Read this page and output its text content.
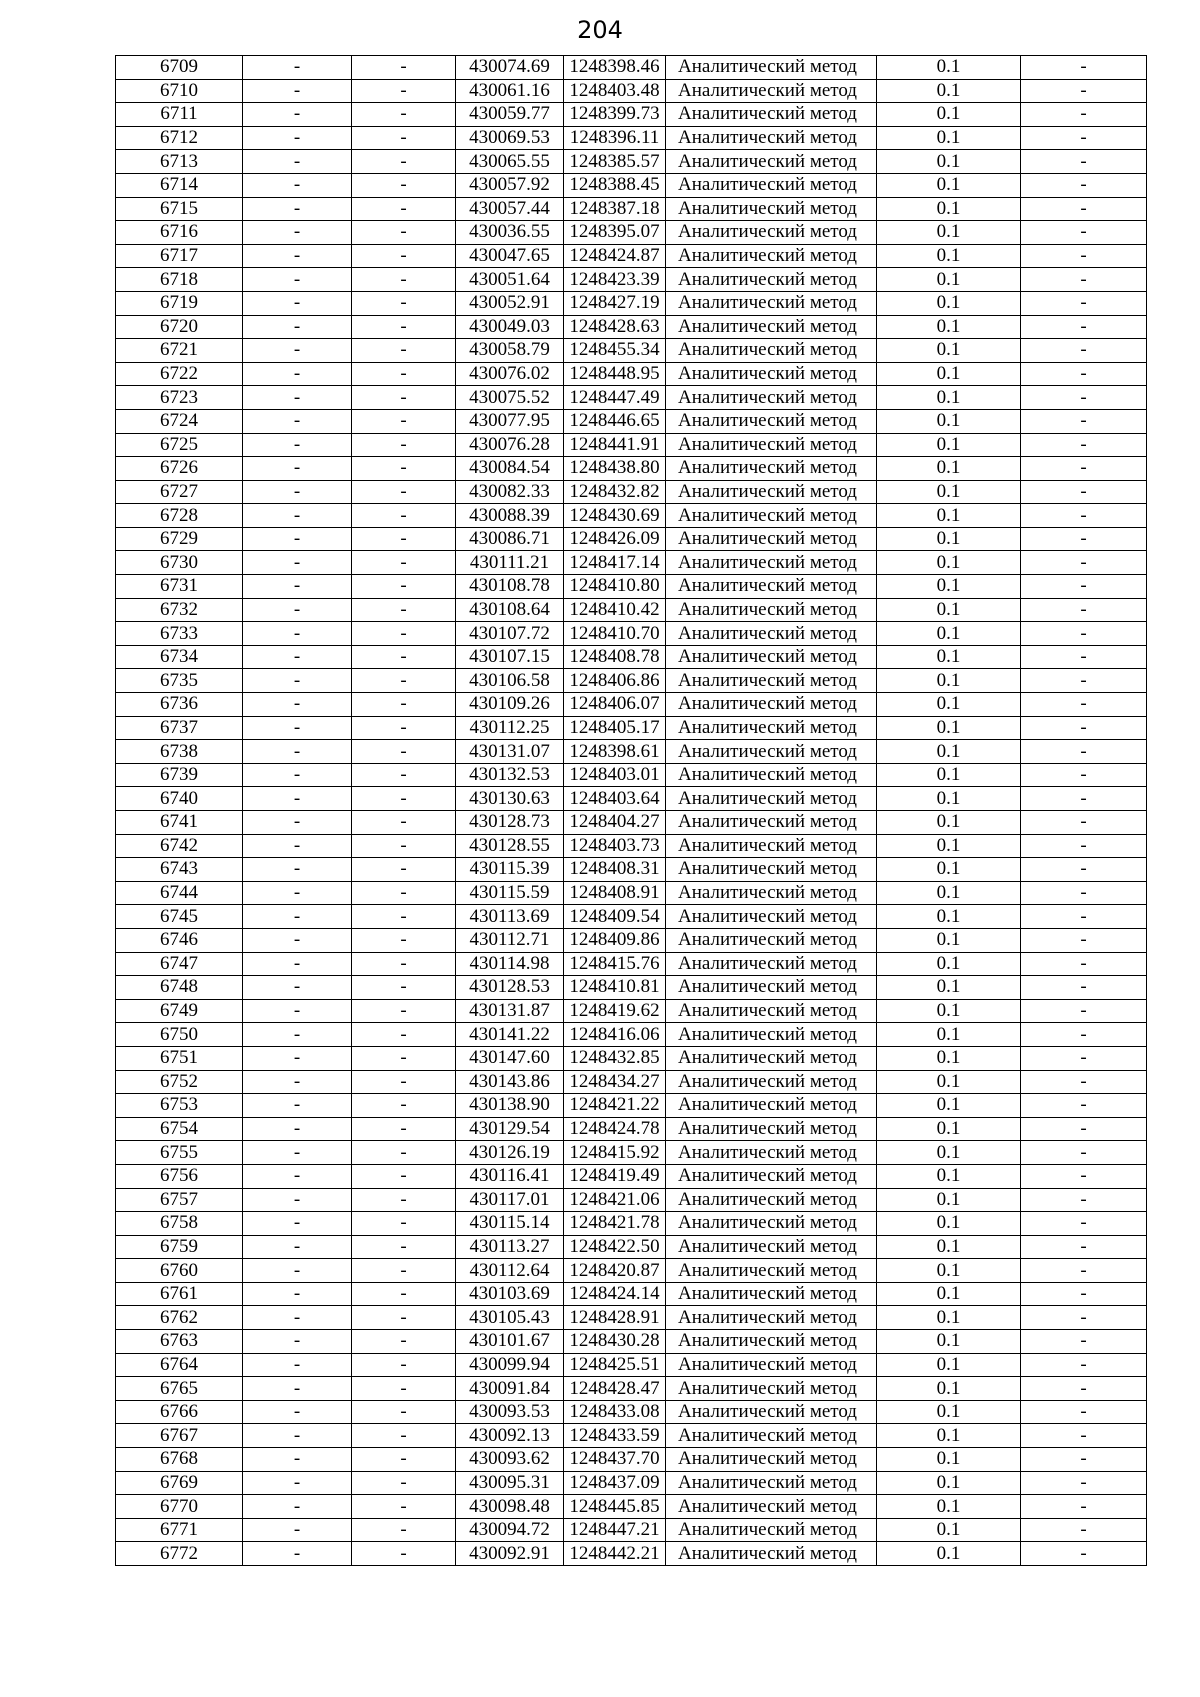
204
6709	-	-	430074.69	1248398.46	Аналитический метод	0.1	-
6710	-	-	430061.16	1248403.48	Аналитический метод	0.1	-
6711	-	-	430059.77	1248399.73	Аналитический метод	0.1	-
6712	-	-	430069.53	1248396.11	Аналитический метод	0.1	-
6713	-	-	430065.55	1248385.57	Аналитический метод	0.1	-
6714	-	-	430057.92	1248388.45	Аналитический метод	0.1	-
6715	-	-	430057.44	1248387.18	Аналитический метод	0.1	-
6716	-	-	430036.55	1248395.07	Аналитический метод	0.1	-
6717	-	-	430047.65	1248424.87	Аналитический метод	0.1	-
6718	-	-	430051.64	1248423.39	Аналитический метод	0.1	-
6719	-	-	430052.91	1248427.19	Аналитический метод	0.1	-
6720	-	-	430049.03	1248428.63	Аналитический метод	0.1	-
6721	-	-	430058.79	1248455.34	Аналитический метод	0.1	-
6722	-	-	430076.02	1248448.95	Аналитический метод	0.1	-
6723	-	-	430075.52	1248447.49	Аналитический метод	0.1	-
6724	-	-	430077.95	1248446.65	Аналитический метод	0.1	-
6725	-	-	430076.28	1248441.91	Аналитический метод	0.1	-
6726	-	-	430084.54	1248438.80	Аналитический метод	0.1	-
6727	-	-	430082.33	1248432.82	Аналитический метод	0.1	-
6728	-	-	430088.39	1248430.69	Аналитический метод	0.1	-
6729	-	-	430086.71	1248426.09	Аналитический метод	0.1	-
6730	-	-	430111.21	1248417.14	Аналитический метод	0.1	-
6731	-	-	430108.78	1248410.80	Аналитический метод	0.1	-
6732	-	-	430108.64	1248410.42	Аналитический метод	0.1	-
6733	-	-	430107.72	1248410.70	Аналитический метод	0.1	-
6734	-	-	430107.15	1248408.78	Аналитический метод	0.1	-
6735	-	-	430106.58	1248406.86	Аналитический метод	0.1	-
6736	-	-	430109.26	1248406.07	Аналитический метод	0.1	-
6737	-	-	430112.25	1248405.17	Аналитический метод	0.1	-
6738	-	-	430131.07	1248398.61	Аналитический метод	0.1	-
6739	-	-	430132.53	1248403.01	Аналитический метод	0.1	-
6740	-	-	430130.63	1248403.64	Аналитический метод	0.1	-
6741	-	-	430128.73	1248404.27	Аналитический метод	0.1	-
6742	-	-	430128.55	1248403.73	Аналитический метод	0.1	-
6743	-	-	430115.39	1248408.31	Аналитический метод	0.1	-
6744	-	-	430115.59	1248408.91	Аналитический метод	0.1	-
6745	-	-	430113.69	1248409.54	Аналитический метод	0.1	-
6746	-	-	430112.71	1248409.86	Аналитический метод	0.1	-
6747	-	-	430114.98	1248415.76	Аналитический метод	0.1	-
6748	-	-	430128.53	1248410.81	Аналитический метод	0.1	-
6749	-	-	430131.87	1248419.62	Аналитический метод	0.1	-
6750	-	-	430141.22	1248416.06	Аналитический метод	0.1	-
6751	-	-	430147.60	1248432.85	Аналитический метод	0.1	-
6752	-	-	430143.86	1248434.27	Аналитический метод	0.1	-
6753	-	-	430138.90	1248421.22	Аналитический метод	0.1	-
6754	-	-	430129.54	1248424.78	Аналитический метод	0.1	-
6755	-	-	430126.19	1248415.92	Аналитический метод	0.1	-
6756	-	-	430116.41	1248419.49	Аналитический метод	0.1	-
6757	-	-	430117.01	1248421.06	Аналитический метод	0.1	-
6758	-	-	430115.14	1248421.78	Аналитический метод	0.1	-
6759	-	-	430113.27	1248422.50	Аналитический метод	0.1	-
6760	-	-	430112.64	1248420.87	Аналитический метод	0.1	-
6761	-	-	430103.69	1248424.14	Аналитический метод	0.1	-
6762	-	-	430105.43	1248428.91	Аналитический метод	0.1	-
6763	-	-	430101.67	1248430.28	Аналитический метод	0.1	-
6764	-	-	430099.94	1248425.51	Аналитический метод	0.1	-
6765	-	-	430091.84	1248428.47	Аналитический метод	0.1	-
6766	-	-	430093.53	1248433.08	Аналитический метод	0.1	-
6767	-	-	430092.13	1248433.59	Аналитический метод	0.1	-
6768	-	-	430093.62	1248437.70	Аналитический метод	0.1	-
6769	-	-	430095.31	1248437.09	Аналитический метод	0.1	-
6770	-	-	430098.48	1248445.85	Аналитический метод	0.1	-
6771	-	-	430094.72	1248447.21	Аналитический метод	0.1	-
6772	-	-	430092.91	1248442.21	Аналитический метод	0.1	-
